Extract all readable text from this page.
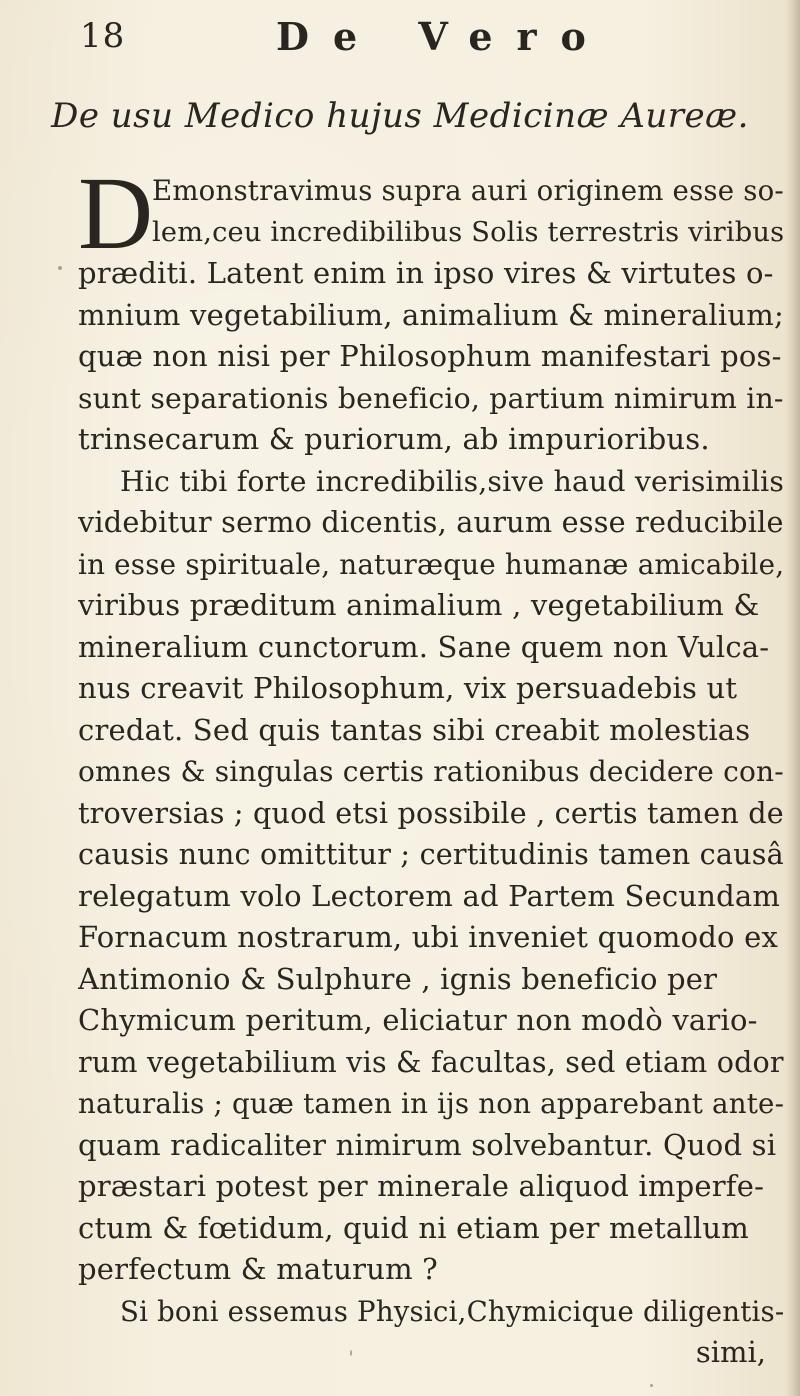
18	De Vero
De usu Medico hujus Medicinæ Aureæ.
D
Emonstravimus supra auri originem esse so-
lem,ceu incredibilibus Solis terrestris viribus
præditi. Latent enim in ipso vires & virtutes o-
mnium vegetabilium, animalium & mineralium;
quæ non nisi per Philosophum manifestari pos-
sunt separationis beneficio, partium nimirum in-
trinsecarum & puriorum, ab impurioribus.
Hic tibi forte incredibilis,sive haud verisimilis
videbitur sermo dicentis, aurum esse reducibile
in esse spirituale, naturæque humanæ amicabile,
viribus præditum animalium , vegetabilium &
mineralium cunctorum. Sane quem non Vulca-
nus creavit Philosophum, vix persuadebis ut
credat. Sed quis tantas sibi creabit molestias
omnes & singulas certis rationibus decidere con-
troversias ; quod etsi possibile , certis tamen de
causis nunc omittitur ; certitudinis tamen causâ
relegatum volo Lectorem ad Partem Secundam
Fornacum nostrarum, ubi inveniet quomodo ex
Antimonio & Sulphure , ignis beneficio per
Chymicum peritum, eliciatur non modò vario-
rum vegetabilium vis & facultas, sed etiam odor
naturalis ; quæ tamen in ijs non apparebant ante-
quam radicaliter nimirum solvebantur. Quod si
præstari potest per minerale aliquod imperfe-
ctum & fœtidum, quid ni etiam per metallum
perfectum & maturum ?
Si boni essemus Physici,Chymicique diligentis-
simi,
